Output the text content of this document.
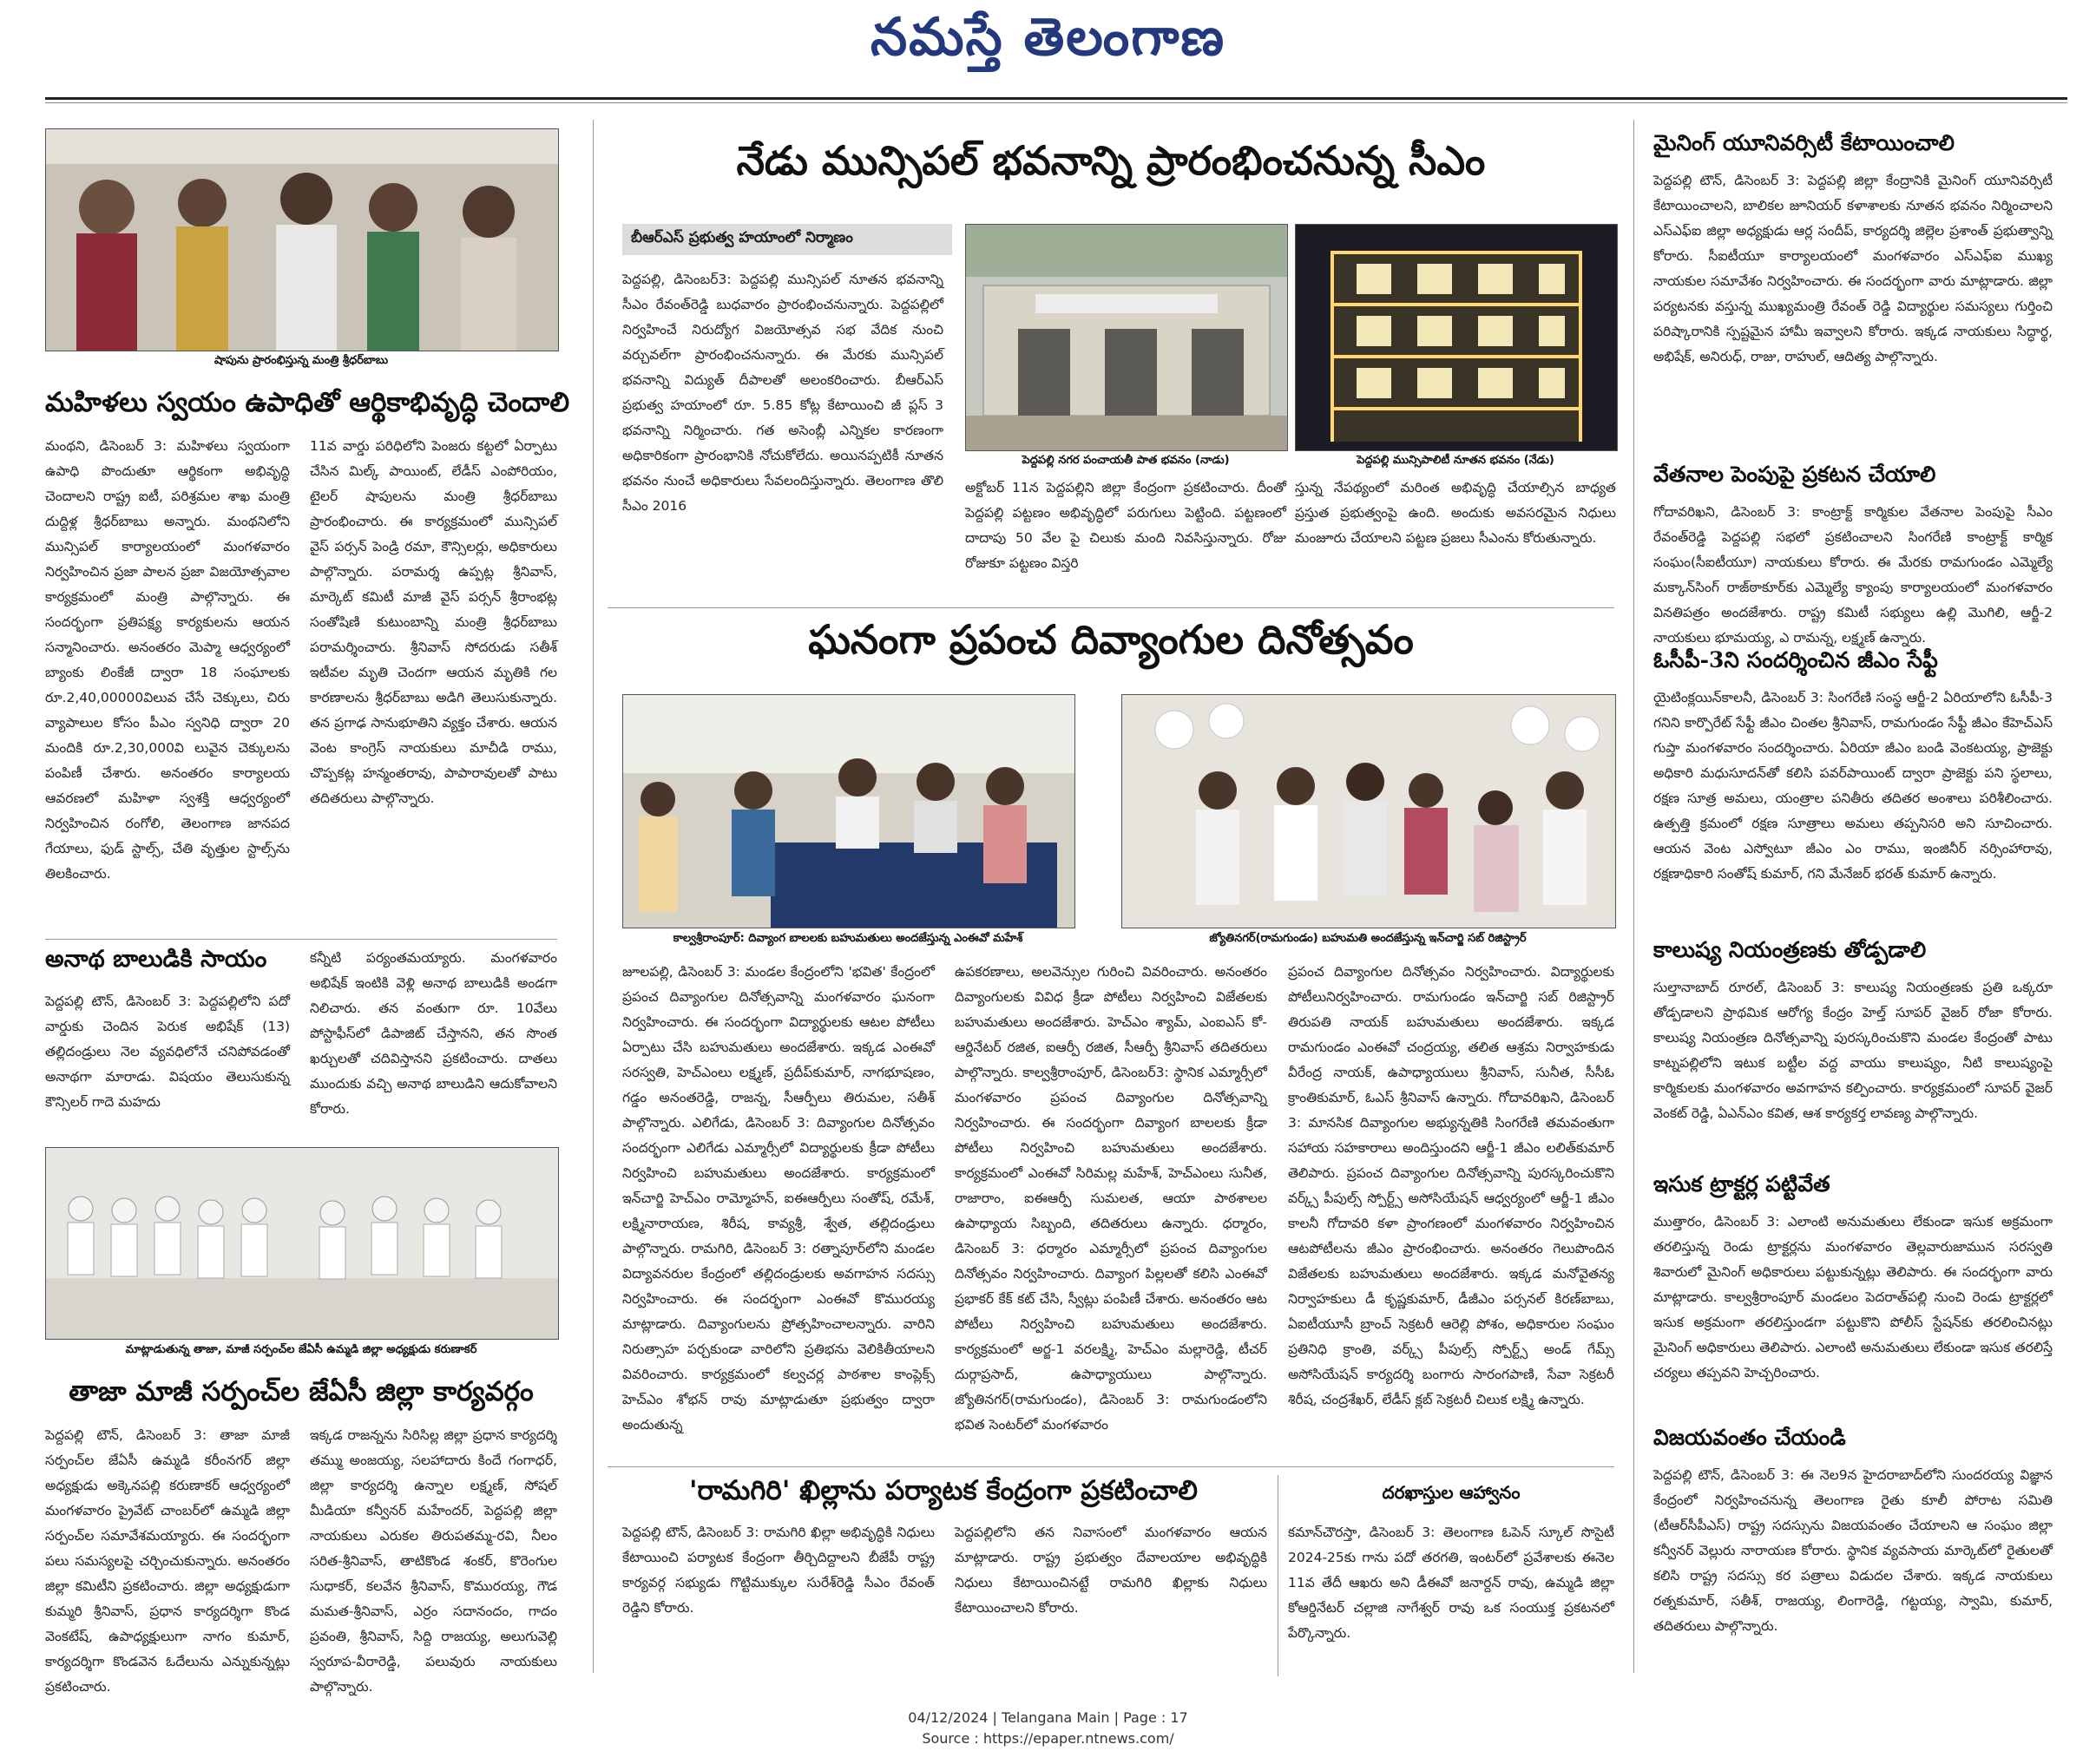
నమస్తే తెలంగాణ
షాపును ప్రారంభిస్తున్న మంత్రి శ్రీధర్‌బాబు
మహిళలు స్వయం ఉపాధితో ఆర్థికాభివృద్ధి చెందాలి
మంథని, డిసెంబర్ 3: మహిళలు స్వయంగా ఉపాధి పొందుతూ ఆర్థికంగా అభివృద్ధి చెందాలని రాష్ట్ర ఐటీ, పరిశ్రమల శాఖ మంత్రి దుద్దిళ్ల శ్రీధర్‌బాబు అన్నారు. మంథనిలోని మున్సిపల్ కార్యాలయంలో మంగళవారం నిర్వహించిన ప్రజా పాలన ప్రజా విజయోత్సవాల కార్యక్రమంలో మంత్రి పాల్గొన్నారు. ఈ సందర్భంగా ప్రతిపక్ష్య కార్యకులను ఆయన సన్మానించారు. అనంతరం మెప్మా ఆధ్వర్యంలో బ్యాంకు లింకేజీ ద్వారా 18 సంఘాలకు రూ.2,40,00000విలువ చేసే చెక్కులు, చిరు వ్యాపాలుల కోసం పీఎం స్వనిధి ద్వారా 20 మందికి రూ.2,30,000వి లువైన చెక్కులను పంపిణీ చేశారు. అనంతరం కార్యాలయ ఆవరణలో మహిళా స్వశక్తి ఆధ్వర్యంలో నిర్వహించిన రంగోలి, తెలంగాణ జానపద గేయాలు, ఫుడ్ స్టాల్స్, చేతి వృత్తుల స్టాల్స్‌ను తిలకించారు.
11వ వార్డు పరిధిలోని పెంజరు కట్టలో ఏర్పాటు చేసిన మిల్క్ పాయింట్, లేడీస్ ఎంపోరియం, టైలర్ షాపులను మంత్రి శ్రీధర్‌బాబు ప్రారంభించారు. ఈ కార్యక్రమంలో మున్సిపల్ వైస్ పర్సన్ పెండ్రి రమా, కౌన్సిలర్లు, అధికారులు పాల్గొన్నారు. పరామర్శ ఉప్పట్ల శ్రీనివాస్, మార్కెట్ కమిటీ మాజీ వైస్ పర్సన్ శ్రీరాంభట్ల సంతోషిణి కుటుంబాన్ని మంత్రి శ్రీధర్‌బాబు పరామర్శించారు. శ్రీనివాస్ సోదరుడు సతీశ్ ఇటీవల మృతి చెందగా ఆయన మృతికి గల కారణాలను శ్రీధర్‌బాబు అడిగి తెలుసుకున్నారు. తన ప్రగాఢ సానుభూతిని వ్యక్తం చేశారు. ఆయన వెంట కాంగ్రెస్ నాయకులు మాచీడి రాము, చొప్పకట్ల హన్మంతరావు, పాపారావులతో పాటు తదితరులు పాల్గొన్నారు.
అనాథ బాలుడికి సాయం
పెద్దపల్లి టౌన్, డిసెంబర్ 3: పెద్దపల్లిలోని పదో వార్డుకు చెందిన పెరుక అభిషేక్ (13) తల్లిదండ్రులు నెల వ్యవధిలోనే చనిపోవడంతో అనాథగా మారాడు. విషయం తెలుసుకున్న కౌన్సిలర్ గాదె మహదు
కన్నీటి పర్యంతమయ్యారు. మంగళవారం అభిషేక్ ఇంటికి వెళ్లి అనాథ బాలుడికి అండగా నిలిచారు. తన వంతుగా రూ. 10వేలు పోస్టాఫీస్‌లో డిపాజిట్ చేస్తానని, తన సొంత ఖర్చులతో చదివిస్తానని ప్రకటించారు. దాతలు ముందుకు వచ్చి అనాథ బాలుడిని ఆదుకోవాలని కోరారు.
మాట్లాడుతున్న తాజా, మాజీ సర్పంచ్‌ల జేఏసీ ఉమ్మడి జిల్లా అధ్యక్షుడు కరుణాకర్
తాజా మాజీ సర్పంచ్‌ల జేఏసీ జిల్లా కార్యవర్గం
పెద్దపల్లి టౌన్, డిసెంబర్ 3: తాజా మాజీ సర్పంచ్‌ల జేఏసీ ఉమ్మడి కరీంనగర్ జిల్లా అధ్యక్షుడు అక్కెనపల్లి కరుణాకర్ ఆధ్వర్యంలో మంగళవారం ప్రైవేట్ చాంబర్‌లో ఉమ్మడి జిల్లా సర్పంచ్‌ల సమావేశమయ్యారు. ఈ సందర్భంగా పలు సమస్యలపై చర్చించుకున్నారు. అనంతరం జిల్లా కమిటీని ప్రకటించారు. జిల్లా అధ్యక్షుడుగా కుమ్మరి శ్రీనివాస్, ప్రధాన కార్యదర్శిగా కొండ వెంకటేష్, ఉపాధ్యక్షులుగా నాగం కుమార్, కార్యదర్శిగా కొండవెన ఓదేలును ఎన్నుకున్నట్లు ప్రకటించారు.
ఇక్కడ రాజన్నను సిరిసిల్ల జిల్లా ప్రధాన కార్యదర్శి తమ్ము అంజయ్య, సలహాదారు కిందే గంగాధర్, జిల్లా కార్యదర్శి ఉన్నాల లక్ష్మణ్, సోషల్ మీడియా కన్వీనర్ మహేందర్, పెద్దపల్లి జిల్లా నాయకులు ఎరుకల తిరుపతమ్మ-రవి, నీలం సరిత-శ్రీనివాస్, తాటికొండ శంకర్, కొరెంగుల సుధాకర్, కలవేన శ్రీనివాస్, కొమురయ్య, గౌడ మమత-శ్రీనివాస్, ఎర్రం సదానందం, గాదం ప్రవంతి, శ్రీనివాస్, సిద్ది రాజయ్య, అలుగువెల్లి స్వరూప-వీరారెడ్డి, పలువురు నాయకులు పాల్గొన్నారు.
నేడు మున్సిపల్ భవనాన్ని ప్రారంభించనున్న సీఎం
బీఆర్‌ఎస్ ప్రభుత్వ హయాంలో నిర్మాణం
పెద్దపల్లి, డిసెంబర్3: పెద్దపల్లి మున్సిపల్ నూతన భవనాన్ని సీఎం రేవంత్‌రెడ్డి బుధవారం ప్రారంభించనున్నారు. పెద్దపల్లిలో నిర్వహించే నిరుద్యోగ విజయోత్సవ సభ వేదిక నుంచి వర్చువల్‌గా ప్రారంభించనున్నారు. ఈ మేరకు మున్సిపల్ భవనాన్ని విద్యుత్ దీపాలతో అలంకరించారు. బీఆర్‌ఎస్ ప్రభుత్వ హయాంలో రూ. 5.85 కోట్ల కేటాయించి జీ ప్లస్ 3 భవనాన్ని నిర్మించారు. గత అసెంబ్లీ ఎన్నికల కారణంగా అధికారికంగా ప్రారంభానికి నోచుకోలేదు. అయినప్పటికీ నూతన భవనం నుంచే అధికారులు సేవలందిస్తున్నారు. తెలంగాణ తొలి సీఎం 2016
పెద్దపల్లి నగర పంచాయతీ పాత భవనం (నాడు)	పెద్దపల్లి మున్సిపాలిటీ నూతన భవనం (నేడు)
అక్టోబర్ 11న పెద్దపల్లిని జిల్లా కేంద్రంగా ప్రకటించారు. దీంతో పెద్దపల్లి పట్టణం అభివృద్ధిలో పరుగులు పెట్టింది. పట్టణంలో దాదాపు 50 వేల పై చిలుకు మంది నివసిస్తున్నారు. రోజు రోజుకూ పట్టణం విస్తరి
స్తున్న నేపథ్యంలో మరింత అభివృద్ధి చేయాల్సిన బాధ్యత ప్రస్తుత ప్రభుత్వంపై ఉంది. అందుకు అవసరమైన నిధులు మంజూరు చేయాలని పట్టణ ప్రజలు సీఎంను కోరుతున్నారు.
ఘనంగా ప్రపంచ దివ్యాంగుల దినోత్సవం
కాల్వశ్రీరాంపూర్: దివ్యాంగ బాలలకు బహుమతులు అందజేస్తున్న ఎంఈవో మహేశ్	జ్యోతినగర్(రామగుండం) బహుమతి అందజేస్తున్న ఇన్‌చార్జి సబ్ రిజిస్ట్రార్
జూలపల్లి, డిసెంబర్ 3: మండల కేంద్రంలోని 'భవిత' కేంద్రంలో ప్రపంచ దివ్యాంగుల దినోత్సవాన్ని మంగళవారం ఘనంగా నిర్వహించారు. ఈ సందర్భంగా విద్యార్థులకు ఆటల పోటీలు ఏర్పాటు చేసి బహుమతులు అందజేశారు. ఇక్కడ ఎంఈవో సరస్వతి, హెచ్‌ఎంలు లక్ష్మణ్, ప్రదీప్‌కుమార్, నాగభూషణం, గడ్డం అనంతరెడ్డి, రాజన్న, సీఆర్పీలు తిరుమల, సతీశ్ పాల్గొన్నారు. ఎలిగేడు, డిసెంబర్ 3: దివ్యాంగుల దినోత్సవం సందర్భంగా ఎలిగేడు ఎమ్మార్సీలో విద్యార్థులకు క్రీడా పోటీలు నిర్వహించి బహుమతులు అందజేశారు. కార్యక్రమంలో ఇన్‌చార్జి హెచ్‌ఎం రామ్మోహన్, ఐఈఆర్పీలు సంతోష్, రమేశ్, లక్ష్మినారాయణ, శిరీష, కావ్యశ్రీ, శ్వేత, తల్లిదండ్రులు పాల్గొన్నారు. రామగిరి, డిసెంబర్ 3: రత్నాపూర్‌లోని మండల విద్యావనరుల కేంద్రంలో తల్లిదండ్రులకు అవగాహన సదస్సు నిర్వహించారు. ఈ సందర్భంగా ఎంఈవో కొమురయ్య మాట్లాడారు. దివ్యాంగులను ప్రోత్సహించాలన్నారు. వారిని నిరుత్సాహ పర్చకుండా వారిలోని ప్రతిభను వెలికితీయాలని వివరించారు. కార్యక్రమంలో కల్వచర్ల పాఠశాల కాంప్లెక్స్ హెచ్‌ఎం శోభన్ రావు మాట్లాడుతూ ప్రభుత్వం ద్వారా అందుతున్న
ఉపకరణాలు, అలవెన్సుల గురించి వివరించారు. అనంతరం దివ్యాంగులకు వివిధ క్రీడా పోటీలు నిర్వహించి విజేతలకు బహుమతులు అందజేశారు. హెచ్‌ఎం శ్యామ్, ఎంఐఎస్ కో-ఆర్డినేటర్ రజిత, ఐఆర్పీ రజిత, సీఆర్పీ శ్రీనివాస్ తదితరులు పాల్గొన్నారు. కాల్వశ్రీరాంపూర్, డిసెంబర్3: స్థానిక ఎమ్మార్సీలో మంగళవారం ప్రపంచ దివ్యాంగుల దినోత్సవాన్ని నిర్వహించారు. ఈ సందర్భంగా దివ్యాంగ బాలలకు క్రీడా పోటీలు నిర్వహించి బహుమతులు అందజేశారు. కార్యక్రమంలో ఎంఈవో సిరిమల్ల మహేశ్, హెచ్‌ఎంలు సునీత, రాజారాం, ఐఈఆర్పీ సుమలత, ఆయా పాఠశాలల ఉపాధ్యాయ సిబ్బంది, తదితరులు ఉన్నారు. ధర్మారం, డిసెంబర్ 3: ధర్మారం ఎమ్మార్సీలో ప్రపంచ దివ్యాంగుల దినోత్సవం నిర్వహించారు. దివ్యాంగ పిల్లలతో కలిసి ఎంఈవో ప్రభాకర్ కేక్ కట్ చేసి, స్వీట్లు పంపిణీ చేశారు. అనంతరం ఆట పోటీలు నిర్వహించి బహుమతులు అందజేశారు. కార్యక్రమంలో అర్జ-1 వరలక్ష్మి, హెచ్‌ఎం మల్లారెడ్డి, టీచర్ దుర్గాప్రసాద్, ఉపాధ్యాయులు పాల్గొన్నారు. జ్యోతినగర్(రామగుండం), డిసెంబర్ 3: రామగుండంలోని భవిత సెంటర్‌లో మంగళవారం
ప్రపంచ దివ్యాంగుల దినోత్సవం నిర్వహించారు. విద్యార్థులకు పోటీలునిర్వహించారు. రామగుండం ఇన్‌చార్జి సబ్ రిజిస్ట్రార్ తిరుపతి నాయక్ బహుమతులు అందజేశారు. ఇక్కడ రామగుండం ఎంఈవో చంద్రయ్య, తలిత ఆశ్రమ నిర్వాహకుడు వీరేంద్ర నాయక్, ఉపాధ్యాయులు శ్రీనివాస్, సునీత, సీసీఓ క్రాంతికుమార్, ఓఎస్ శ్రీనివాస్ ఉన్నారు. గోదావరిఖని, డిసెంబర్ 3: మానసిక దివ్యాంగుల అభ్యున్నతికి సింగరేణి తమవంతుగా సహాయ సహకారాలు అందిస్తుందని ఆర్జీ-1 జీఎం లలిత్‌కుమార్ తెలిపారు. ప్రపంచ దివ్యాంగుల దినోత్సవాన్ని పురస్కరించుకొని వర్క్స్ పీపుల్స్ స్పోర్ట్స్ అసోసియేషన్ ఆధ్వర్యంలో ఆర్జీ-1 జీఎం కాలనీ గోదావరి కళా ప్రాంగణంలో మంగళవారం నిర్వహించిన ఆటపోటీలను జీఎం ప్రారంభించారు. అనంతరం గెలుపొందిన విజేతలకు బహుమతులు అందజేశారు. ఇక్కడ మనోవైతన్య నిర్వాహకులు డీ కృష్ణకుమార్, డీజీఎం పర్సనల్ కిరణ్‌బాబు, ఏఐటీయూసీ బ్రాంచ్ సెక్రటరీ ఆరెల్లి పోశం, అధికారుల సంఘం ప్రతినిధి క్రాంతి, వర్క్స్ పీపుల్స్ స్పోర్ట్స్ అండ్ గేమ్స్ అసోసియేషన్ కార్యదర్శి బంగారు సారంగపాణి, సేవా సెక్రటరీ శిరీష, చంద్రశేఖర్, లేడీస్ క్లబ్ సెక్రటరీ చిలుక లక్ష్మి ఉన్నారు.
'రామగిరి' ఖిల్లాను పర్యాటక కేంద్రంగా ప్రకటించాలి
పెద్దపల్లి టౌన్, డిసెంబర్ 3: రామగిరి ఖిల్లా అభివృద్ధికి నిధులు కేటాయించి పర్యాటక కేంద్రంగా తీర్చిదిద్దాలని బీజేపీ రాష్ట్ర కార్యవర్గ సభ్యుడు గొట్టిముక్కుల సురేశ్‌రెడ్డి సీఎం రేవంత్ రెడ్డిని కోరారు.
పెద్దపల్లిలోని తన నివాసంలో మంగళవారం ఆయన మాట్లాడారు. రాష్ట్ర ప్రభుత్వం దేవాలయాల అభివృద్ధికి నిధులు కేటాయించినట్టే రామగిరి ఖిల్లాకు నిధులు కేటాయించాలని కోరారు.
దరఖాస్తుల ఆహ్వానం
కమాన్‌చౌరస్తా, డిసెంబర్ 3: తెలంగాణ ఓపెన్ స్కూల్ సొసైటీ 2024-25కు గాను పదో తరగతి, ఇంటర్‌లో ప్రవేశాలకు ఈనెల 11వ తేదీ ఆఖరు అని డీఈవో జనార్దన్ రావు, ఉమ్మడి జిల్లా కోఆర్డినేటర్ చల్లాజి నాగేశ్వర్ రావు ఒక సంయుక్త ప్రకటనలో పేర్కొన్నారు.
మైనింగ్ యూనివర్సిటీ కేటాయించాలి
పెద్దపల్లి టౌన్, డిసెంబర్ 3: పెద్దపల్లి జిల్లా కేంద్రానికి మైనింగ్ యూనివర్సిటీ కేటాయించాలని, బాలికల జూనియర్ కళాశాలకు నూతన భవనం నిర్మించాలని ఎస్ఎఫ్ఐ జిల్లా అధ్యక్షుడు ఆర్ల సందీప్, కార్యదర్శి జిల్లెల ప్రశాంత్ ప్రభుత్వాన్ని కోరారు. సీఐటీయూ కార్యాలయంలో మంగళవారం ఎస్ఎఫ్ఐ ముఖ్య నాయకుల సమావేశం నిర్వహించారు. ఈ సందర్భంగా వారు మాట్లాడారు. జిల్లా పర్యటనకు వస్తున్న ముఖ్యమంత్రి రేవంత్ రెడ్డి విద్యార్థుల సమస్యలు గుర్తించి పరిష్కారానికి స్పష్టమైన హామీ ఇవ్వాలని కోరారు. ఇక్కడ నాయకులు సిద్ధార్థ, అభిషేక్, అనిరుధ్, రాజు, రాహుల్, ఆదిత్య పాల్గొన్నారు.
వేతనాల పెంపుపై ప్రకటన చేయాలి
గోదావరిఖని, డిసెంబర్ 3: కాంట్రాక్ట్ కార్మికుల వేతనాల పెంపుపై సీఎం రేవంత్‌రెడ్డి పెద్దపల్లి సభలో ప్రకటించాలని సింగరేణి కాంట్రాక్ట్ కార్మిక సంఘం(సీఐటీయూ) నాయకులు కోరారు. ఈ మేరకు రామగుండం ఎమ్మెల్యే మక్కాన్‌సింగ్ రాజ్‌ఠాకూర్‌కు ఎమ్మెల్యే క్యాంపు కార్యాలయంలో మంగళవారం వినతిపత్రం అందజేశారు. రాష్ట్ర కమిటీ సభ్యులు ఉల్లి మొగిలి, ఆర్జీ-2 నాయకులు భూమయ్య, ఎ రామన్న, లక్ష్మణ్ ఉన్నారు.
ఓసీపీ-3ని సందర్శించిన జీఎం సేఫ్టీ
యైటింక్లయిన్‌కాలనీ, డిసెంబర్ 3: సింగరేణి సంస్థ ఆర్జీ-2 ఏరియాలోని ఓసీపీ-3 గనిని కార్పొరేట్ సేఫ్టీ జీఎం చింతల శ్రీనివాస్, రామగుండం సేఫ్టీ జీఎం కేహెచ్‌ఎస్ గుప్తా మంగళవారం సందర్శించారు. ఏరియా జీఎం బండి వెంకటయ్య, ప్రాజెక్టు అధికారి మధుసూదన్‌తో కలిసి పవర్‌పాయింట్ ద్వారా ప్రాజెక్టు పని స్థలాలు, రక్షణ సూత్ర అమలు, యంత్రాల పనితీరు తదితర అంశాలు పరిశీలించారు. ఉత్పత్తి క్రమంలో రక్షణ సూత్రాలు అమలు తప్పనిసరి అని సూచించారు. ఆయన వెంట ఎస్వోటూ జీఎం ఎం రాము, ఇంజినీర్ నర్సింహారావు, రక్షణాధికారి సంతోష్ కుమార్, గని మేనేజర్ భరత్ కుమార్ ఉన్నారు.
కాలుష్య నియంత్రణకు తోడ్పడాలి
సుల్తానాబాద్ రూరల్, డిసెంబర్ 3: కాలుష్య నియంత్రణకు ప్రతి ఒక్కరూ తోడ్పడాలని ప్రాథమిక ఆరోగ్య కేంద్రం హెల్త్ సూపర్ వైజర్ రోజా కోరారు. కాలుష్య నియంత్రణ దినోత్సవాన్ని పురస్కరించుకొని మండల కేంద్రంతో పాటు కాట్నపల్లిలోని ఇటుక బట్టీల వద్ద వాయు కాలుష్యం, నీటి కాలుష్యంపై కార్మికులకు మంగళవారం అవగాహన కల్పించారు. కార్యక్రమంలో సూపర్ వైజర్ వెంకట్ రెడ్డి, ఏఎన్ఎం కవిత, ఆశ కార్యకర్త లావణ్య పాల్గొన్నారు.
ఇసుక ట్రాక్టర్ల పట్టివేత
ముత్తారం, డిసెంబర్ 3: ఎలాంటి అనుమతులు లేకుండా ఇసుక అక్రమంగా తరలిస్తున్న రెండు ట్రాక్టర్లను మంగళవారం తెల్లవారుజామున సరస్వతి శివారులో మైనింగ్ అధికారులు పట్టుకున్నట్లు తెలిపారు. ఈ సందర్భంగా వారు మాట్లాడారు. కాల్వశ్రీరాంపూర్ మండలం పెదరాత్‌పల్లి నుంచి రెండు ట్రాక్టర్లలో ఇసుక అక్రమంగా తరలిస్తుండగా పట్టుకొని పోలీస్ స్టేషన్‌కు తరలించినట్లు మైనింగ్ అధికారులు తెలిపారు. ఎలాంటి అనుమతులు లేకుండా ఇసుక తరలిస్తే చర్యలు తప్పవని హెచ్చరించారు.
విజయవంతం చేయండి
పెద్దపల్లి టౌన్, డిసెంబర్ 3: ఈ నెల9న హైదరాబాద్‌లోని సుందరయ్య విజ్ఞాన కేంద్రంలో నిర్వహించనున్న తెలంగాణ రైతు కూలీ పోరాట సమితి (టీఆర్‌సీపీఎస్) రాష్ట్ర సదస్సును విజయవంతం చేయాలని ఆ సంఘం జిల్లా కన్వీనర్ వెల్లురు నారాయణ కోరారు. స్థానిక వ్యవసాయ మార్కెట్‌లో రైతులతో కలిసి రాష్ట్ర సదస్సు కర పత్రాలు విడుదల చేశారు. ఇక్కడ నాయకులు రత్నకుమార్, సతీశ్, రాజయ్య, లింగారెడ్డి, గట్టయ్య, స్వామి, కుమార్, తదితరులు పాల్గొన్నారు.
04/12/2024 | Telangana Main | Page : 17
Source : https://epaper.ntnews.com/
